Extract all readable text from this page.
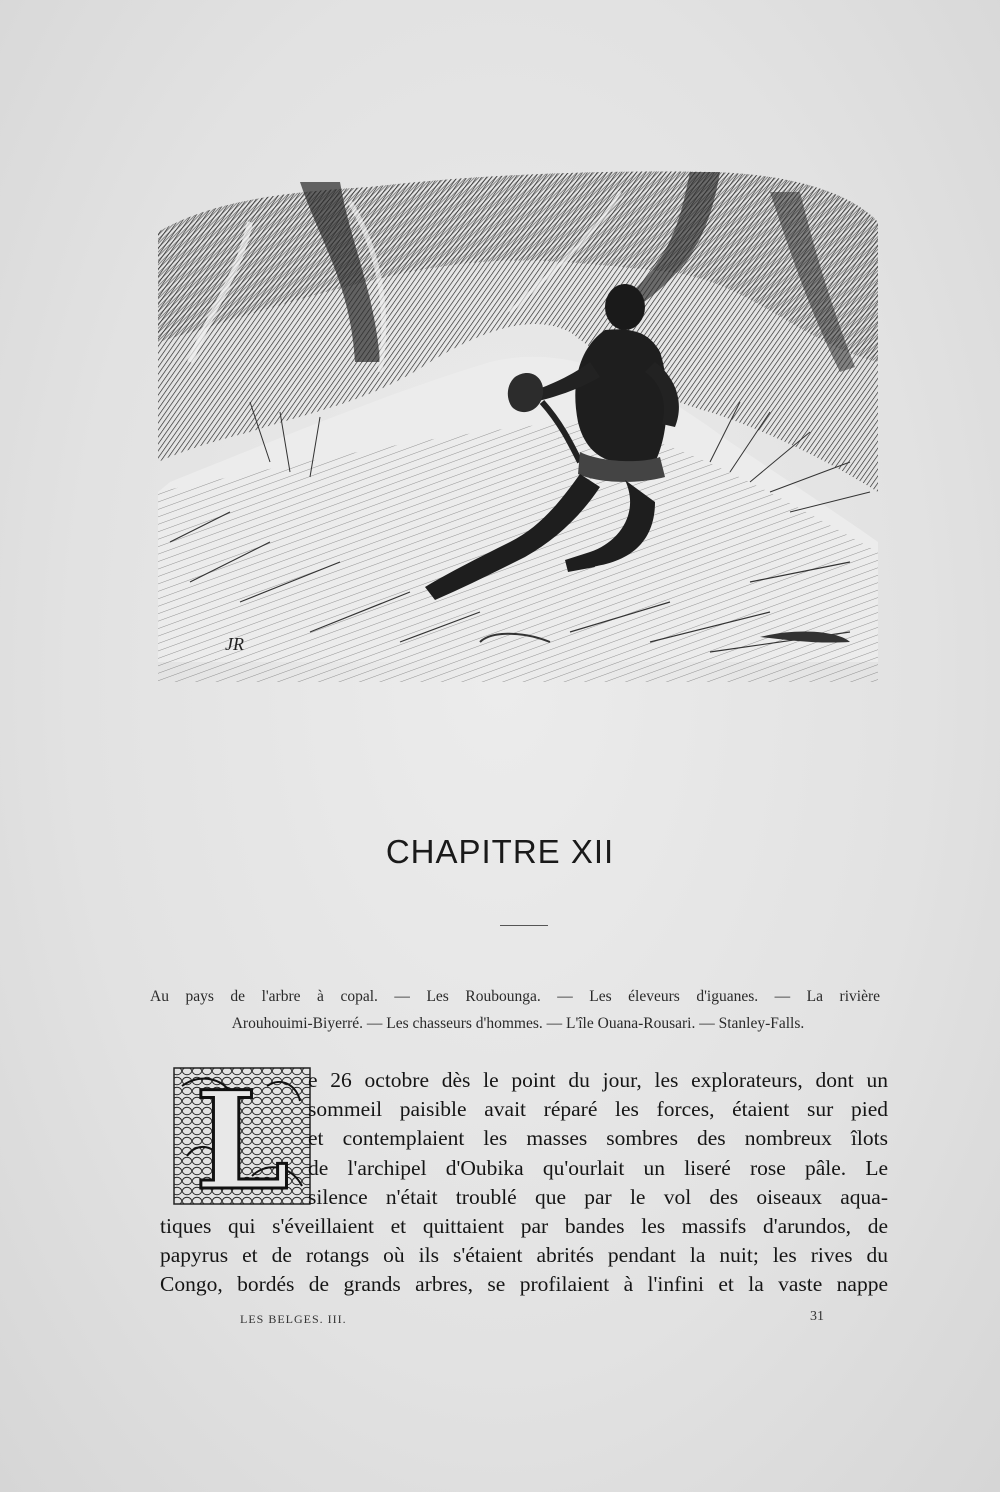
JR
CHAPITRE XII
Au pays de l'arbre à copal. — Les Roubounga. — Les éleveurs d'iguanes. — La rivière
Arouhouimi-Biyerré. — Les chasseurs d'hommes. — L'île Ouana-Rousari. — Stanley-Falls.
L e 26 octobre dès le point du jour, les explorateurs, dont un
sommeil paisible avait réparé les forces, étaient sur pied
et contemplaient les masses sombres des nombreux îlots
de l'archipel d'Oubika qu'ourlait un liseré rose pâle. Le
silence n'était troublé que par le vol des oiseaux aqua-
tiques qui s'éveillaient et quittaient par bandes les massifs d'arundos, de
papyrus et de rotangs où ils s'étaient abrités pendant la nuit; les rives du
Congo, bordés de grands arbres, se profilaient à l'infini et la vaste nappe
LES BELGES. III.	31
